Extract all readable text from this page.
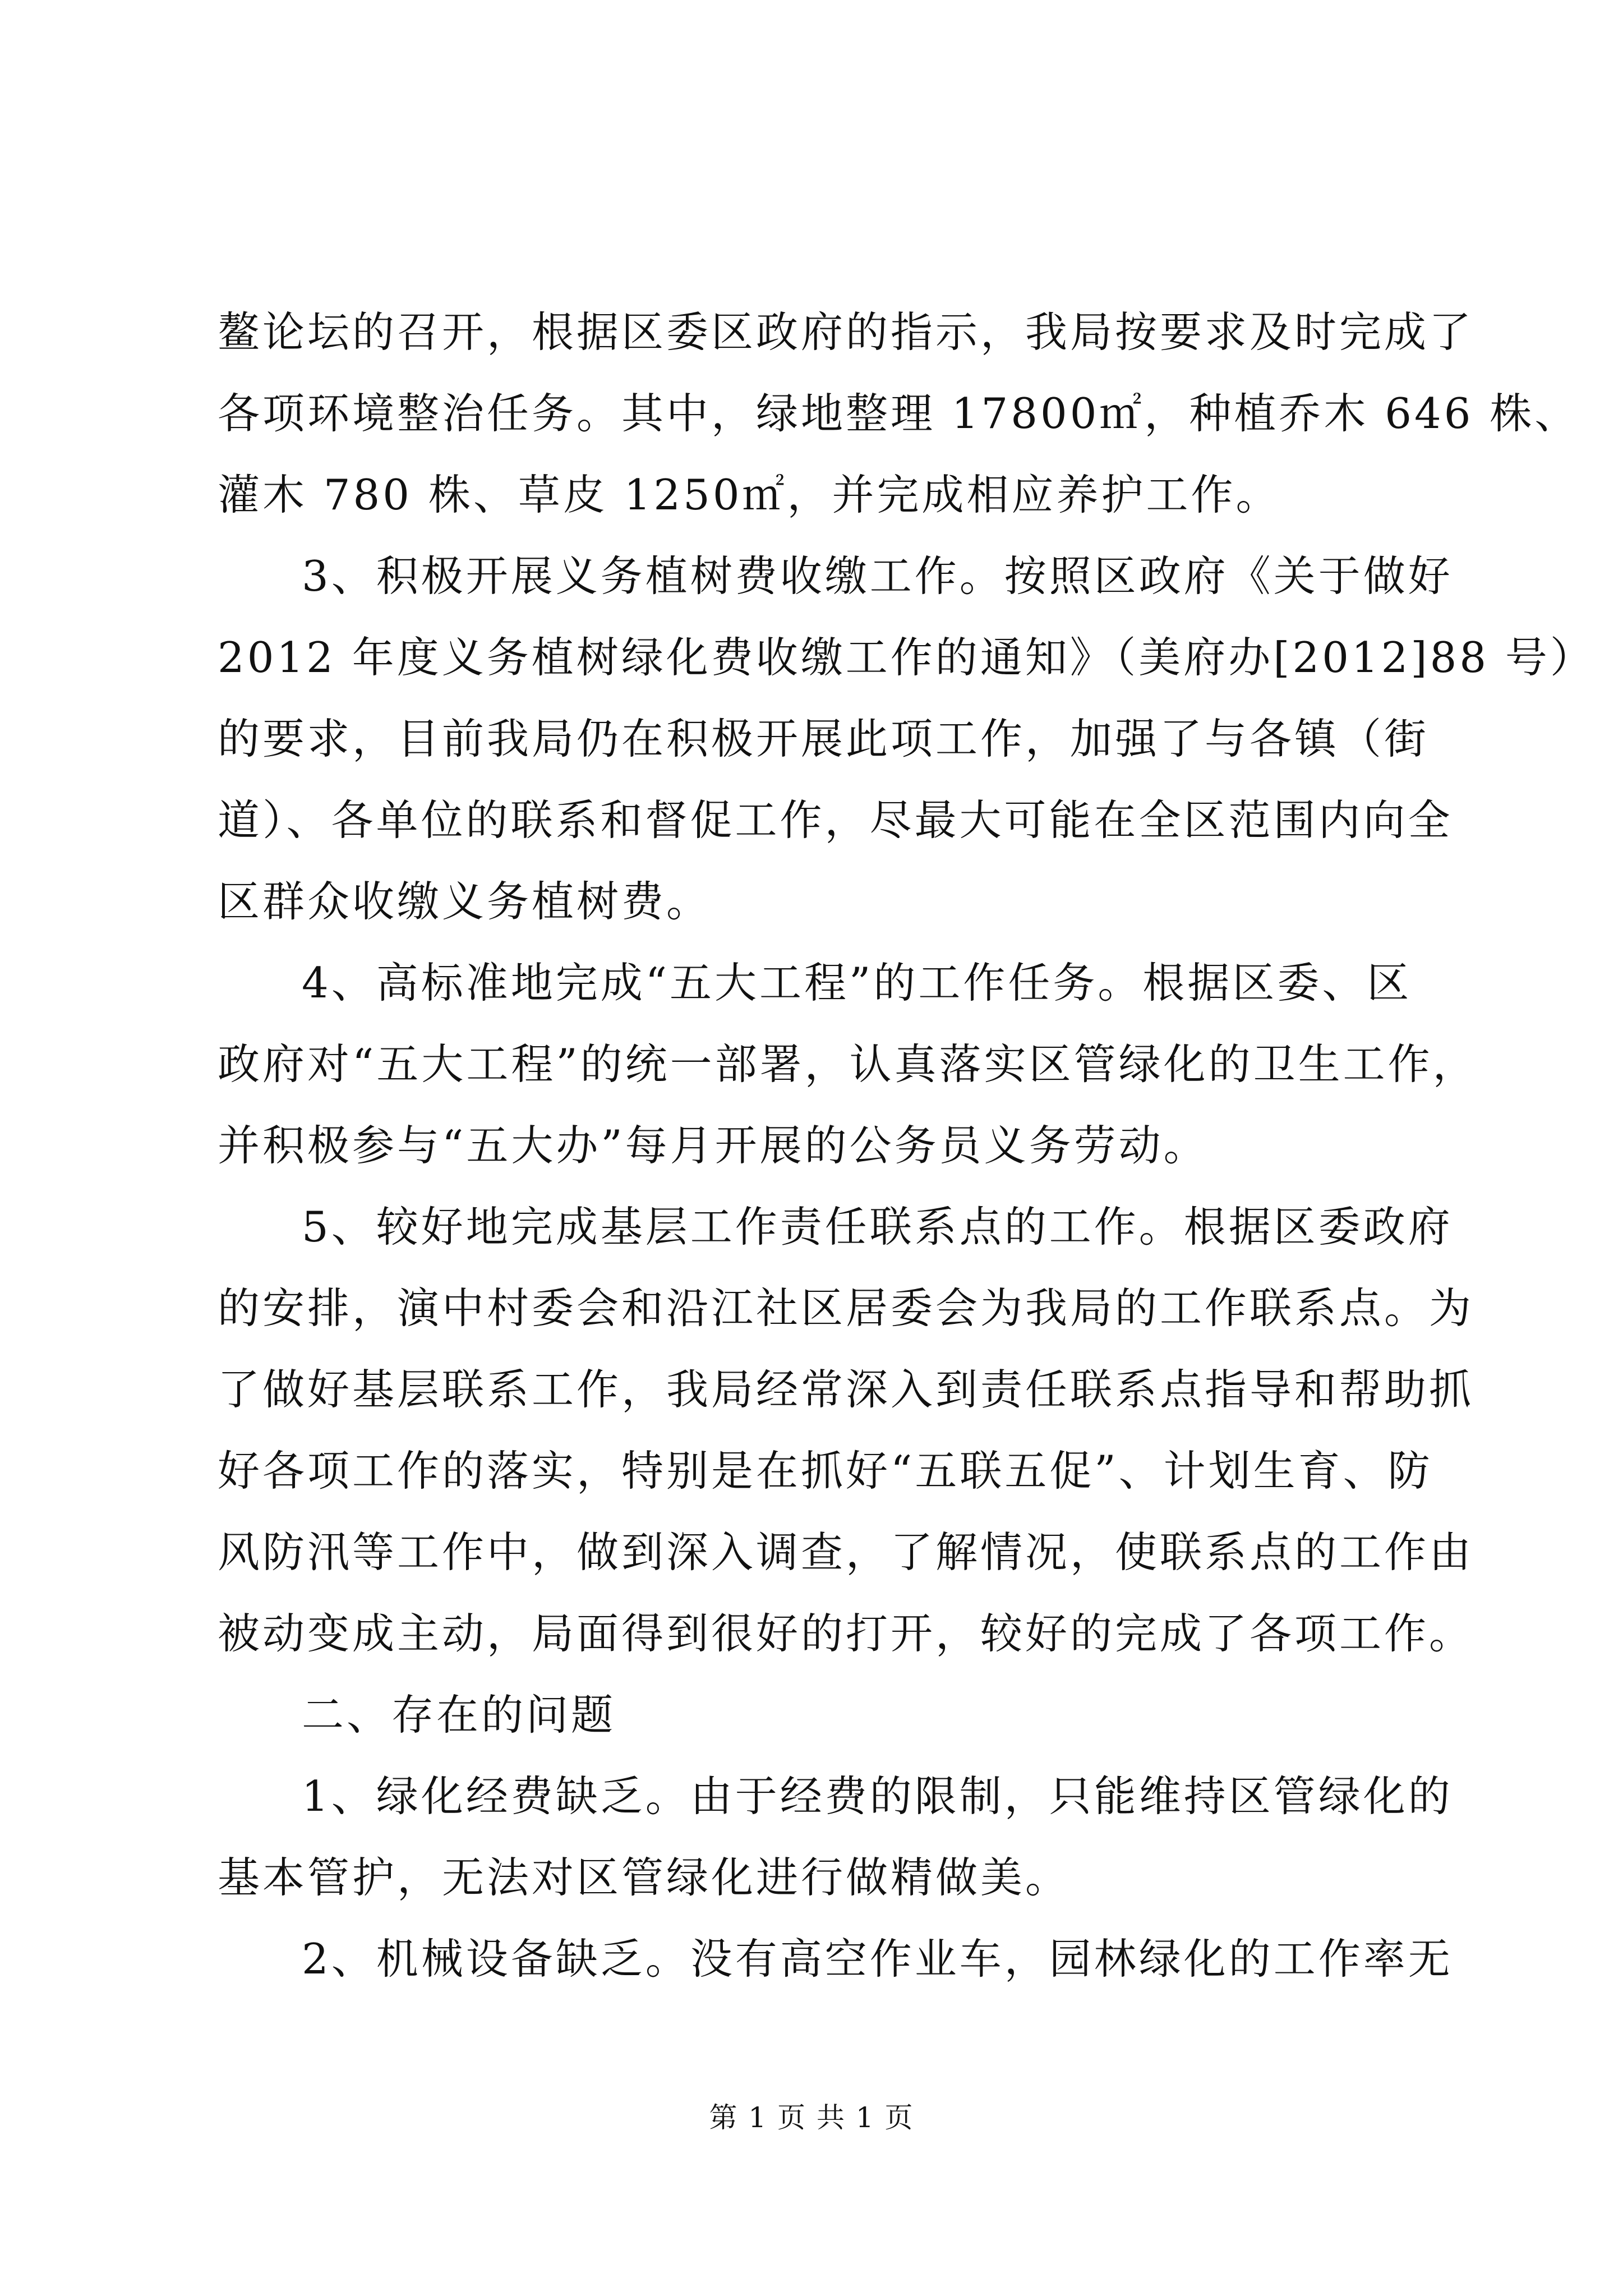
鳌论坛的召开，根据区委区政府的指示，我局按要求及时完成了
各项环境整治任务。其中，绿地整理 17800㎡，种植乔木 646 株、
灌木 780 株、草皮 1250㎡，并完成相应养护工作。
3、积极开展义务植树费收缴工作。按照区政府《关于做好
2012 年度义务植树绿化费收缴工作的通知》（美府办[2012]88 号）
的要求，目前我局仍在积极开展此项工作，加强了与各镇（街
道）、各单位的联系和督促工作，尽最大可能在全区范围内向全
区群众收缴义务植树费。
4、高标准地完成“五大工程”的工作任务。根据区委、区
政府对“五大工程”的统一部署，认真落实区管绿化的卫生工作，
并积极参与“五大办”每月开展的公务员义务劳动。
5、较好地完成基层工作责任联系点的工作。根据区委政府
的安排，演中村委会和沿江社区居委会为我局的工作联系点。为
了做好基层联系工作，我局经常深入到责任联系点指导和帮助抓
好各项工作的落实，特别是在抓好“五联五促”、计划生育、防
风防汛等工作中，做到深入调查，了解情况，使联系点的工作由
被动变成主动，局面得到很好的打开，较好的完成了各项工作。
二、存在的问题
1、绿化经费缺乏。由于经费的限制，只能维持区管绿化的
基本管护，无法对区管绿化进行做精做美。
2、机械设备缺乏。没有高空作业车，园林绿化的工作率无
第 1 页 共 1 页
